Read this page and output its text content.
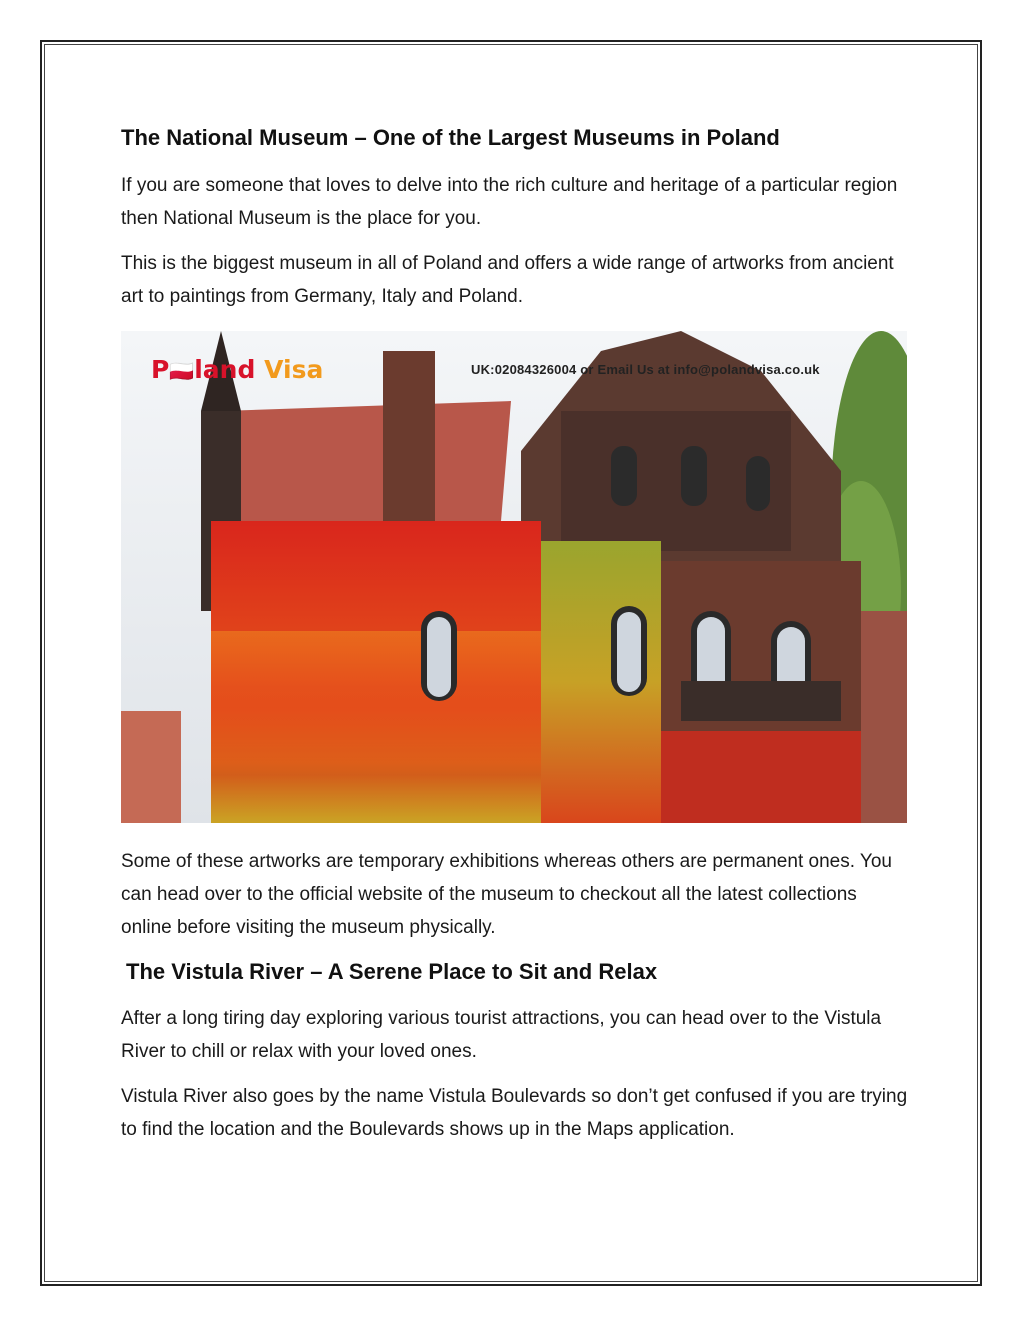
The National Museum – One of the Largest Museums in Poland

If you are someone that loves to delve into the rich culture and heritage of a particular region then National Museum is the place for you.

This is the biggest museum in all of Poland and offers a wide range of artworks from ancient art to paintings from Germany, Italy and Poland.

P🇵🇱land Visa	UK:02084326004 or Email Us at info@polandvisa.co.uk

Some of these artworks are temporary exhibitions whereas others are permanent ones. You can head over to the official website of the museum to checkout all the latest collections online before visiting the museum physically.

The Vistula River – A Serene Place to Sit and Relax

After a long tiring day exploring various tourist attractions, you can head over to the Vistula River to chill or relax with your loved ones.

Vistula River also goes by the name Vistula Boulevards so don’t get confused if you are trying to find the location and the Boulevards shows up in the Maps application.
